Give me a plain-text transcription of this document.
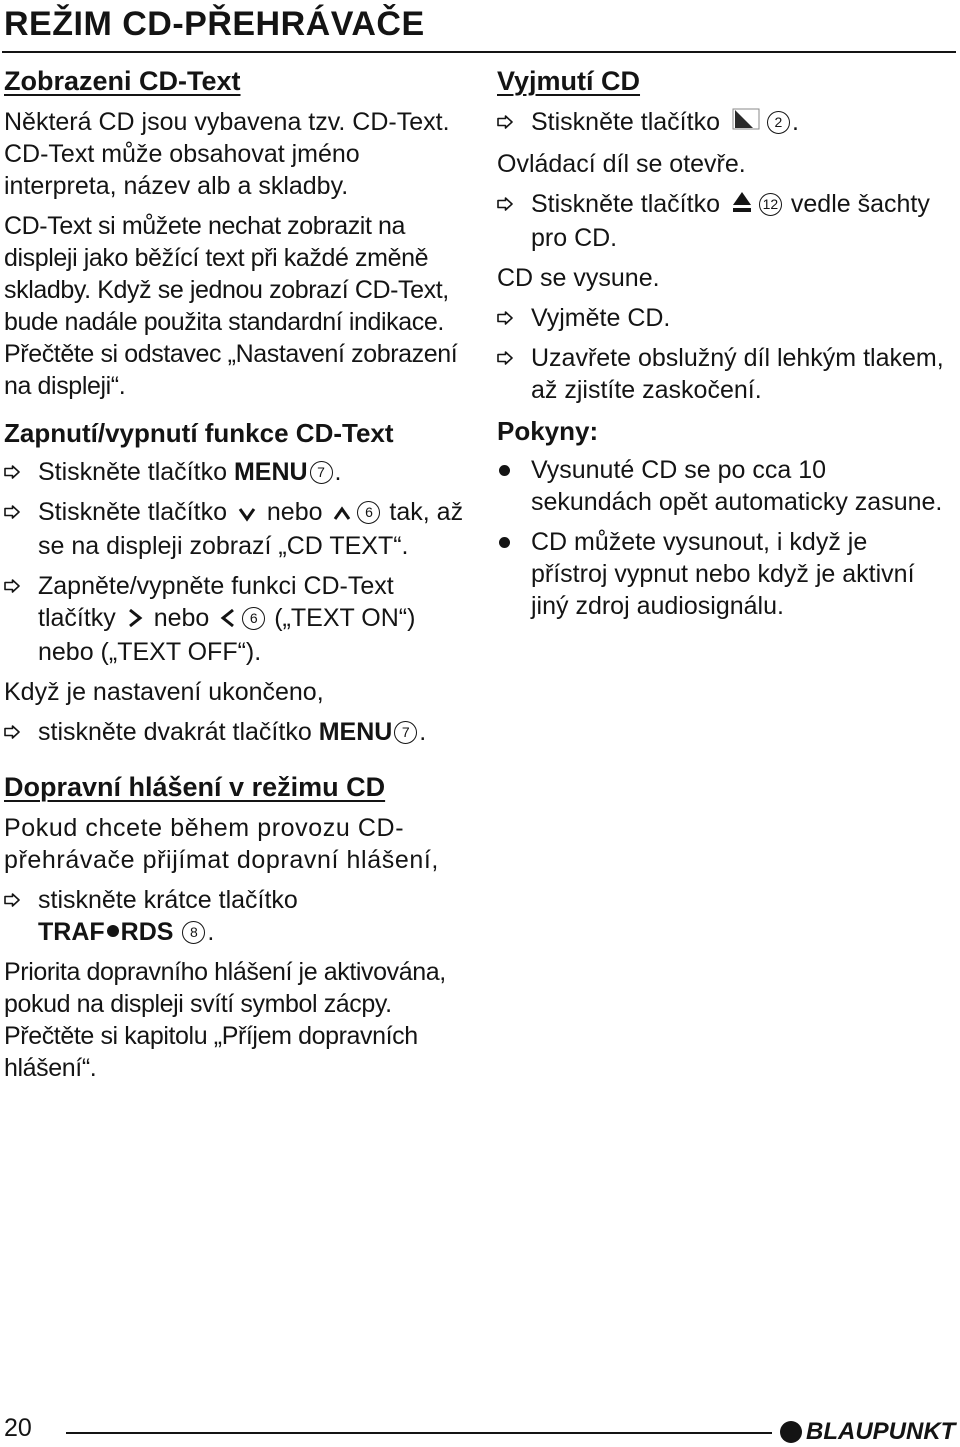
REŽIM CD-PŘEHRÁVAČE
Zobrazeni CD-Text

Některá CD jsou vybavena tzv. CD-Text. CD-Text může obsahovat jméno interpreta, název alb a skladby.

CD-Text si můžete nechat zobrazit na displeji jako běžící text při každé změně skladby. Když se jednou zobrazí CD-Text, bude nadále použita standardní indikace. Přečtěte si odstavec „Nastavení zobrazení na displeji“.

Zapnutí/vypnutí funkce CD-Text
Stiskněte tlačítko MENU 7 .
Stiskněte tlačítko nebo	6 tak, až se na displeji zobrazí „CD TEXT“.
Zapněte/vypněte funkci CD-Text tlačítky nebo	6 („TEXT ON“) nebo („TEXT OFF“).

Když je nastavení ukončeno,

stiskněte dvakrát tlačítko MENU 7 .
Dopravní hlášení v režimu CD

Pokud chcete během provozu CD-přehrávače přijímat dopravní hlášení,

stiskněte krátce tlačítko
TRAF RDS 8 .

Priorita dopravního hlášení je aktivována, pokud na displeji svítí symbol zácpy. Přečtěte si kapitolu „Příjem dopravních hlášení“.

Vyjmutí CD
Stiskněte tlačítko	2 .

Ovládací díl se otevře.

Stiskněte tlačítko	12 vedle šachty pro CD.

CD se vysune.

Vyjměte CD.
Uzavřete obslužný díl lehkým tlakem, až zjistíte zaskočení.
Pokyny:
Vysunuté CD se po cca 10 sekundách opět automaticky zasune.
CD můžete vysunout, i když je přístroj vypnut nebo když je aktivní jiný zdroj audiosignálu.
20	BLAUPUNKT
